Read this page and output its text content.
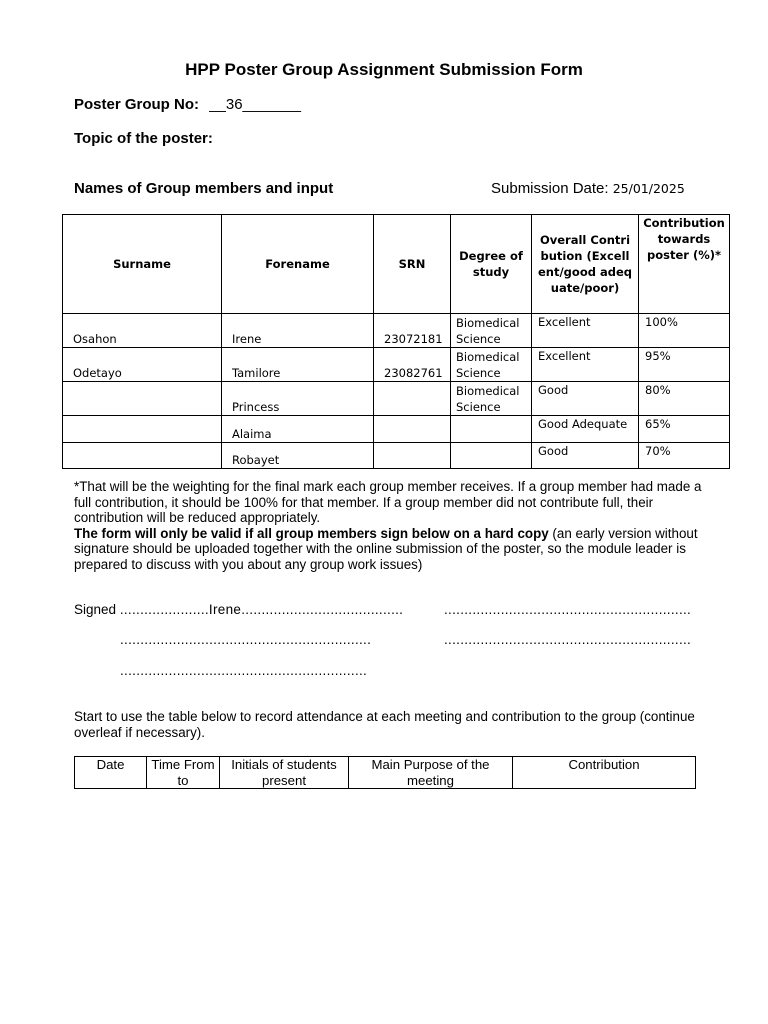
HPP Poster Group Assignment Submission Form
Poster Group No: __36_______
Topic of the poster:
Names of Group members and input	Submission Date: 25/01/2025
Surname	Forename	SRN	Degree of study	Overall Contribution (Excellent/good adequate/poor)	Contribution towards poster (%)*
Osahon	Irene	23072181	Biomedical Science	Excellent	100%
Odetayo	Tamilore	23082761	Biomedical Science	Excellent	95%
	Princess		Biomedical Science	Good	80%
	Alaima			Good Adequate	65%
	Robayet			Good	70%
*That will be the weighting for the final mark each group member receives. If a group member had made a full contribution, it should be 100% for that member. If a group member did not contribute full, their contribution will be reduced appropriately.
The form will only be valid if all group members sign below on a hard copy (an early version without signature should be uploaded together with the online submission of the poster, so the module leader is prepared to discuss with you about any group work issues)
Signed ......................Irene........................................	.............................................................
..............................................................	.............................................................
.............................................................
Start to use the table below to record attendance at each meeting and contribution to the group (continue overleaf if necessary).
Date	Time From to	Initials of students present	Main Purpose of the meeting	Contribution
